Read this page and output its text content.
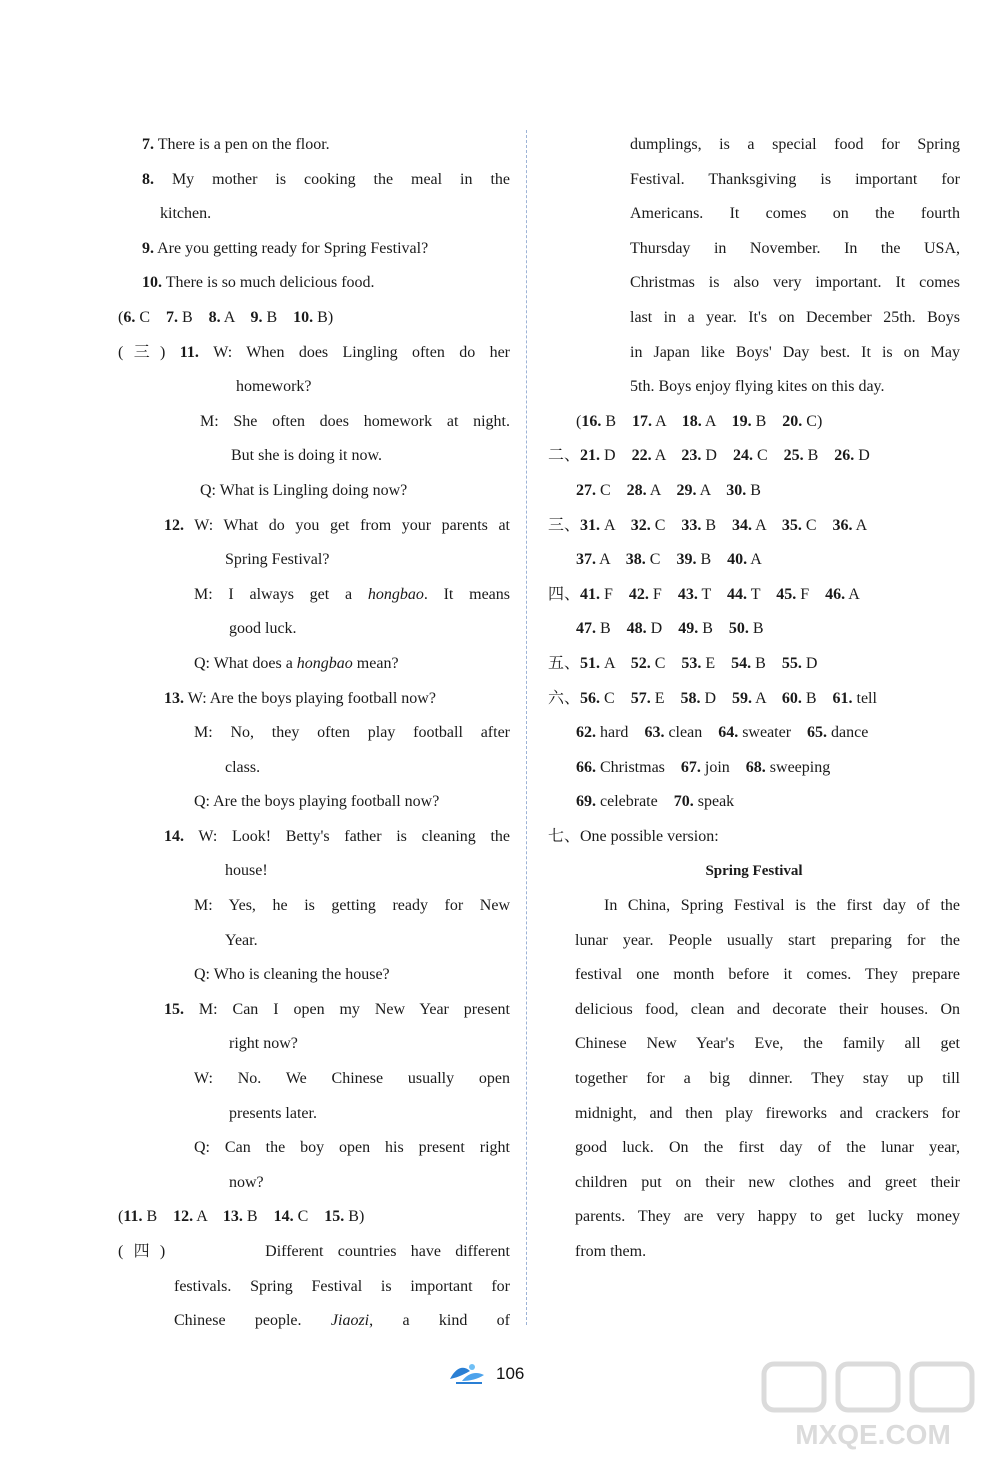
7. There is a pen on the floor.
8. My mother is cooking the meal in the
kitchen.
9. Are you getting ready for Spring Festival?
10. There is so much delicious food.
(6. C    7. B    8. A    9. B    10. B)
(三) 11. W: When does Lingling often do her
homework?
M: She often does homework at night.
But she is doing it now.
Q: What is Lingling doing now?
12. W: What do you get from your parents at
Spring Festival?
M: I always get a hongbao. It means
good luck.
Q: What does a hongbao mean?
13. W: Are the boys playing football now?
M: No, they often play football after
class.
Q: Are the boys playing football now?
14. W: Look! Betty's father is cleaning the
house!
M: Yes, he is getting ready for New
Year.
Q: Who is cleaning the house?
15. M: Can I open my New Year present
right now?
W: No. We Chinese usually open
presents later.
Q: Can the boy open his present right
now?
(11. B    12. A    13. B    14. C    15. B)
(四)       Different countries have different
festivals. Spring Festival is important for
Chinese people. Jiaozi, a kind of
dumplings, is a special food for Spring
Festival. Thanksgiving is important for
Americans. It comes on the fourth
Thursday in November. In the USA,
Christmas is also very important. It comes
last in a year. It's on December 25th. Boys
in Japan like Boys' Day best. It is on May
5th. Boys enjoy flying kites on this day.
(16. B    17. A    18. A    19. B    20. C)
二、21. D    22. A    23. D    24. C    25. B    26. D
27. C    28. A    29. A    30. B
三、31. A    32. C    33. B    34. A    35. C    36. A
37. A    38. C    39. B    40. A
四、41. F    42. F    43. T    44. T    45. F    46. A
47. B    48. D    49. B    50. B
五、51. A    52. C    53. E    54. B    55. D
六、56. C    57. E    58. D    59. A    60. B    61. tell
62. hard    63. clean    64. sweater    65. dance
66. Christmas    67. join    68. sweeping
69. celebrate    70. speak
七、One possible version:
Spring Festival
In China, Spring Festival is the first day of the
lunar year. People usually start preparing for the
festival one month before it comes. They prepare
delicious food, clean and decorate their houses. On
Chinese New Year's Eve, the family all get
together for a big dinner. They stay up till
midnight, and then play fireworks and crackers for
good luck. On the first day of the lunar year,
children put on their new clothes and greet their
parents. They are very happy to get lucky money
from them.
106
MXQE.COM
